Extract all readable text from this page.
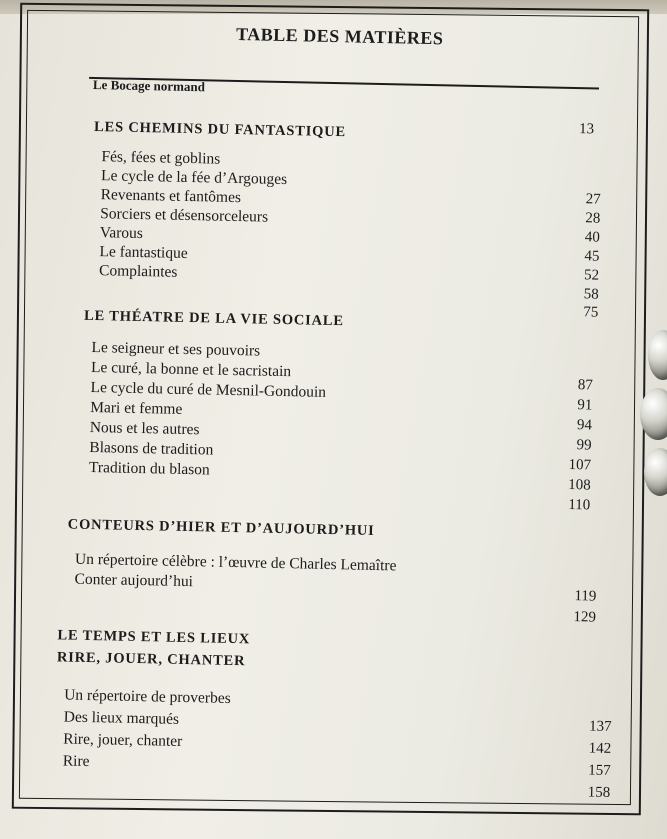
TABLE DES MATIÈRES
Le Bocage normand
LES CHEMINS DU FANTASTIQUE	13
Fés, fées et goblins
Le cycle de la fée d’Argouges
Revenants et fantômes
Sorciers et désensorceleurs
Varous
Le fantastique
Complaintes
27
28
40
45
52
58
75
LE THÉATRE DE LA VIE SOCIALE
Le seigneur et ses pouvoirs
Le curé, la bonne et le sacristain
Le cycle du curé de Mesnil-Gondouin
Mari et femme
Nous et les autres
Blasons de tradition
Tradition du blason
87
91
94
99
107
108
110
CONTEURS D’HIER ET D’AUJOURD’HUI
Un répertoire célèbre : l’œuvre de Charles Lemaître
Conter aujourd’hui
119
129
LE TEMPS ET LES LIEUX
RIRE, JOUER, CHANTER
Un répertoire de proverbes
Des lieux marqués
Rire, jouer, chanter
Rire
137
142
157
158
